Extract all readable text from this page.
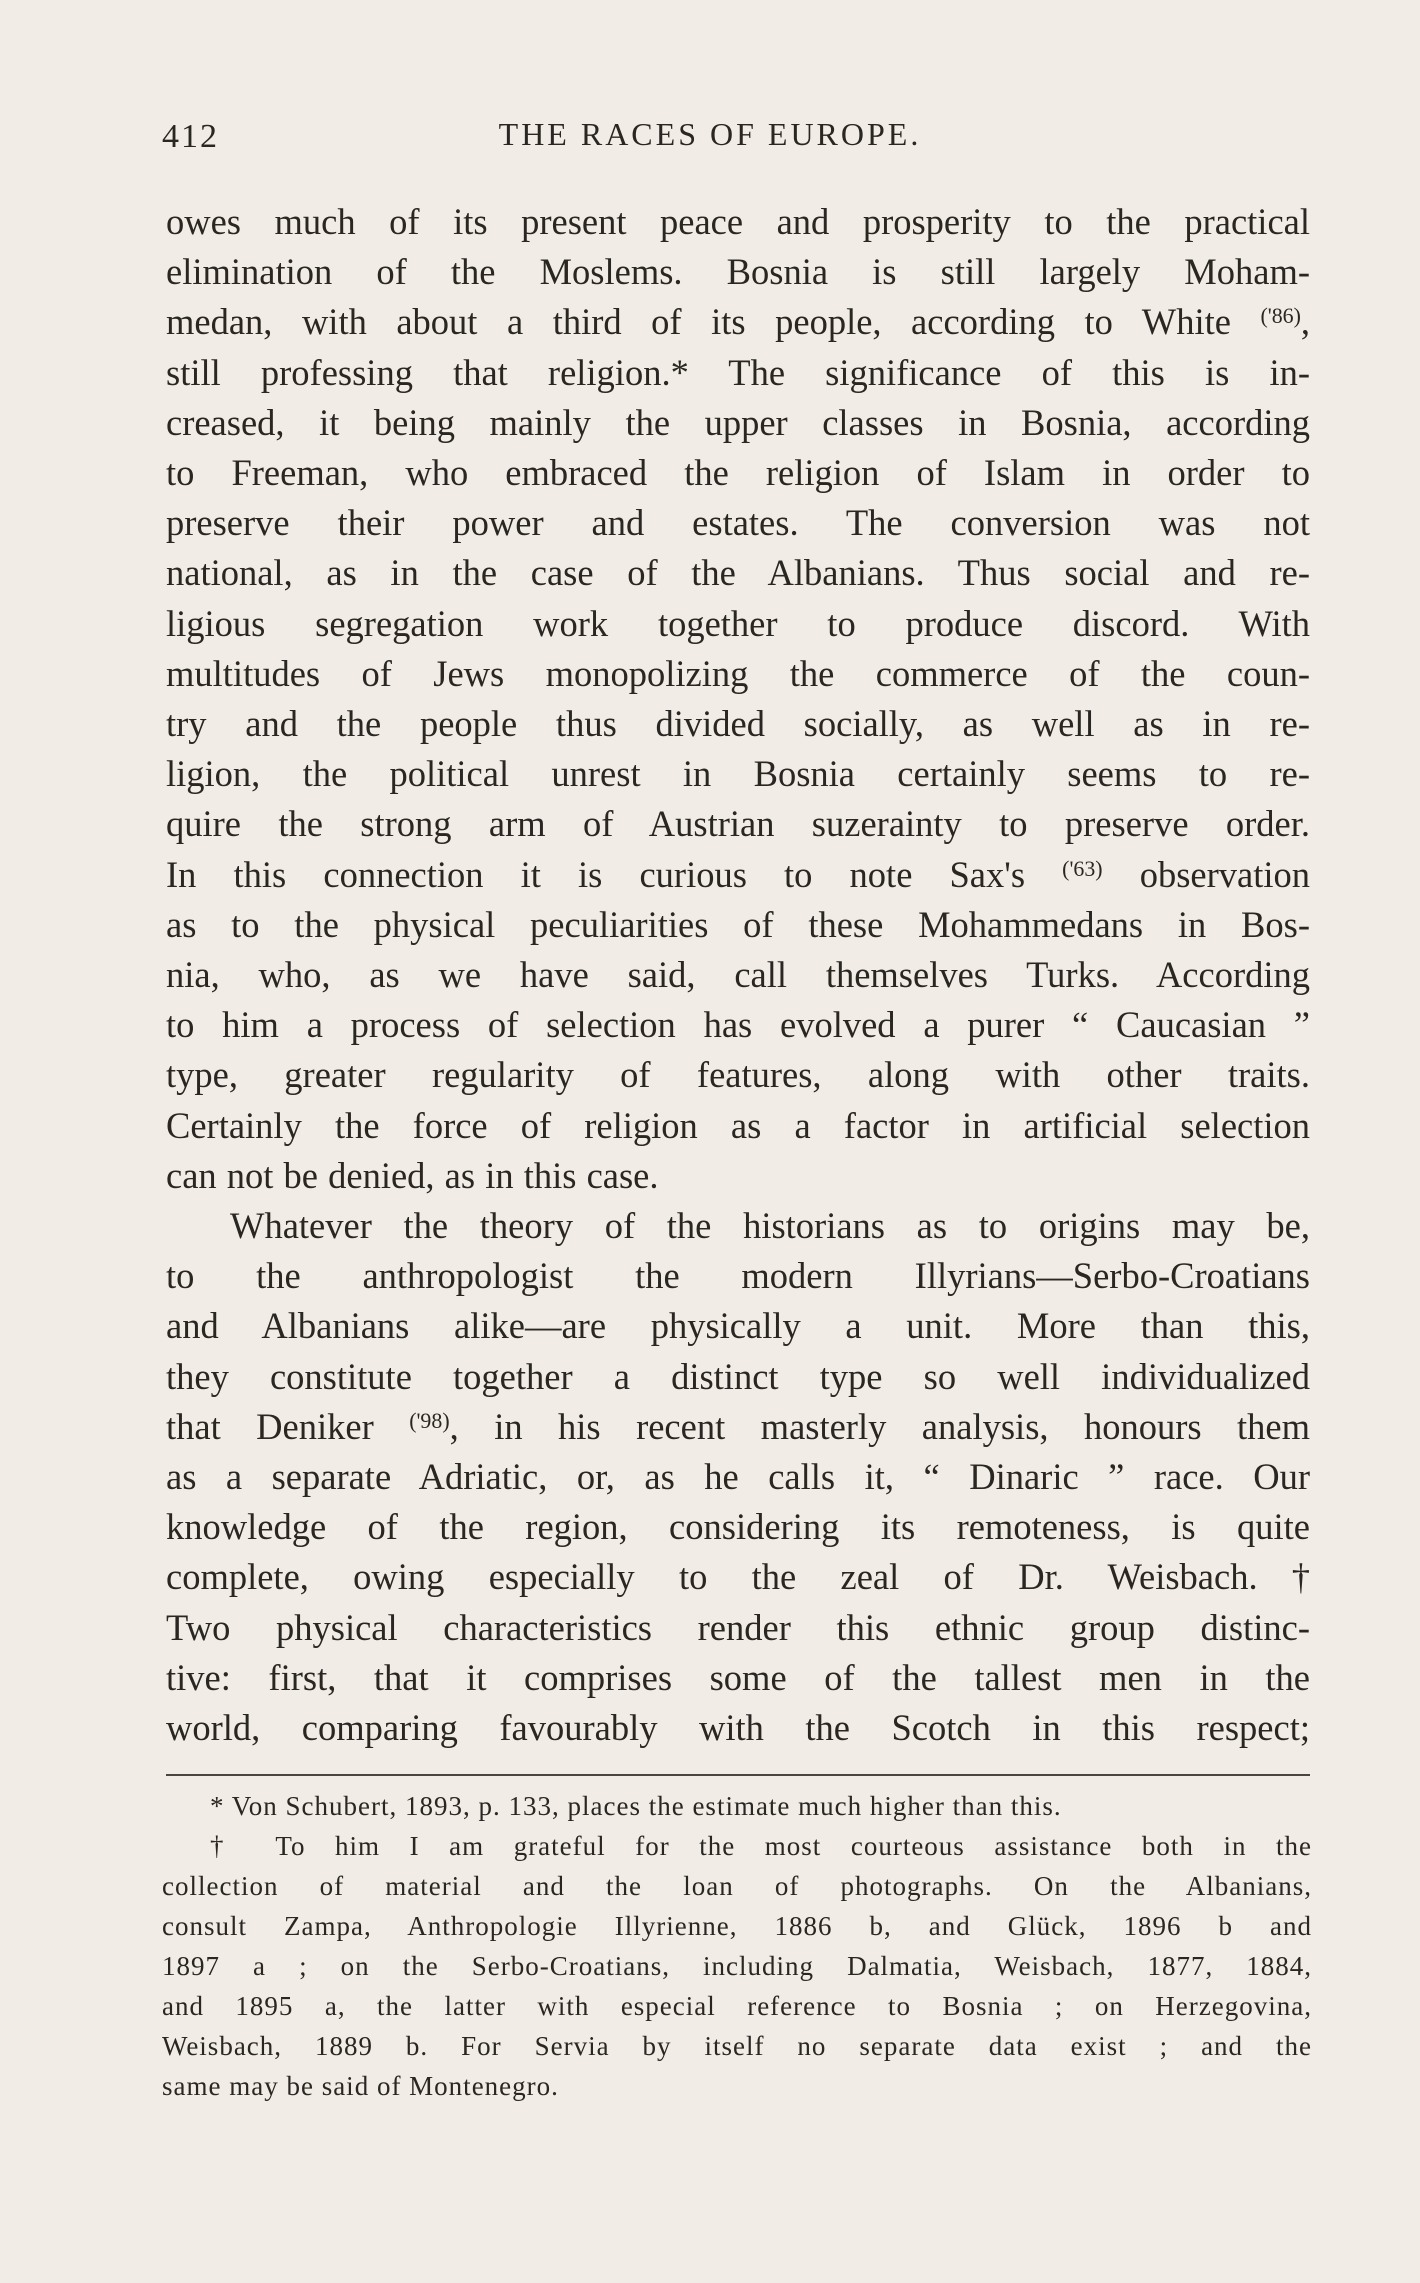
412	THE RACES OF EUROPE.

owes much of its present peace and prosperity to the practical
elimination of the Moslems. Bosnia is still largely Moham-
medan, with about a third of its people, according to White $^{('86)}$,
still professing that religion.* The significance of this is in-
creased, it being mainly the upper classes in Bosnia, according
to Freeman, who embraced the religion of Islam in order to
preserve their power and estates. The conversion was not
national, as in the case of the Albanians. Thus social and re-
ligious segregation work together to produce discord. With
multitudes of Jews monopolizing the commerce of the coun-
try and the people thus divided socially, as well as in re-
ligion, the political unrest in Bosnia certainly seems to re-
quire the strong arm of Austrian suzerainty to preserve order.
In this connection it is curious to note Sax's $^{('63)}$ observation
as to the physical peculiarities of these Mohammedans in Bos-
nia, who, as we have said, call themselves Turks. According
to him a process of selection has evolved a purer “ Caucasian ”
type, greater regularity of features, along with other traits.
Certainly the force of religion as a factor in artificial selection
can not be denied, as in this case.

Whatever the theory of the historians as to origins may be,
to the anthropologist the modern Illyrians—Serbo-Croatians
and Albanians alike—are physically a unit. More than this,
they constitute together a distinct type so well individualized
that Deniker $^{('98)}$, in his recent masterly analysis, honours them
as a separate Adriatic, or, as he calls it, “ Dinaric ” race. Our
knowledge of the region, considering its remoteness, is quite
complete, owing especially to the zeal of Dr. Weisbach.†
Two physical characteristics render this ethnic group distinc-
tive: first, that it comprises some of the tallest men in the
world, comparing favourably with the Scotch in this respect;

* Von Schubert, 1893, p. 133, places the estimate much higher than this.

† To him I am grateful for the most courteous assistance both in the
collection of material and the loan of photographs. On the Albanians,
consult Zampa, Anthropologie Illyrienne, 1886 b, and Glück, 1896 b and
1897 a ; on the Serbo-Croatians, including Dalmatia, Weisbach, 1877, 1884,
and 1895 a, the latter with especial reference to Bosnia ; on Herzegovina,
Weisbach, 1889 b. For Servia by itself no separate data exist ; and the
same may be said of Montenegro.
